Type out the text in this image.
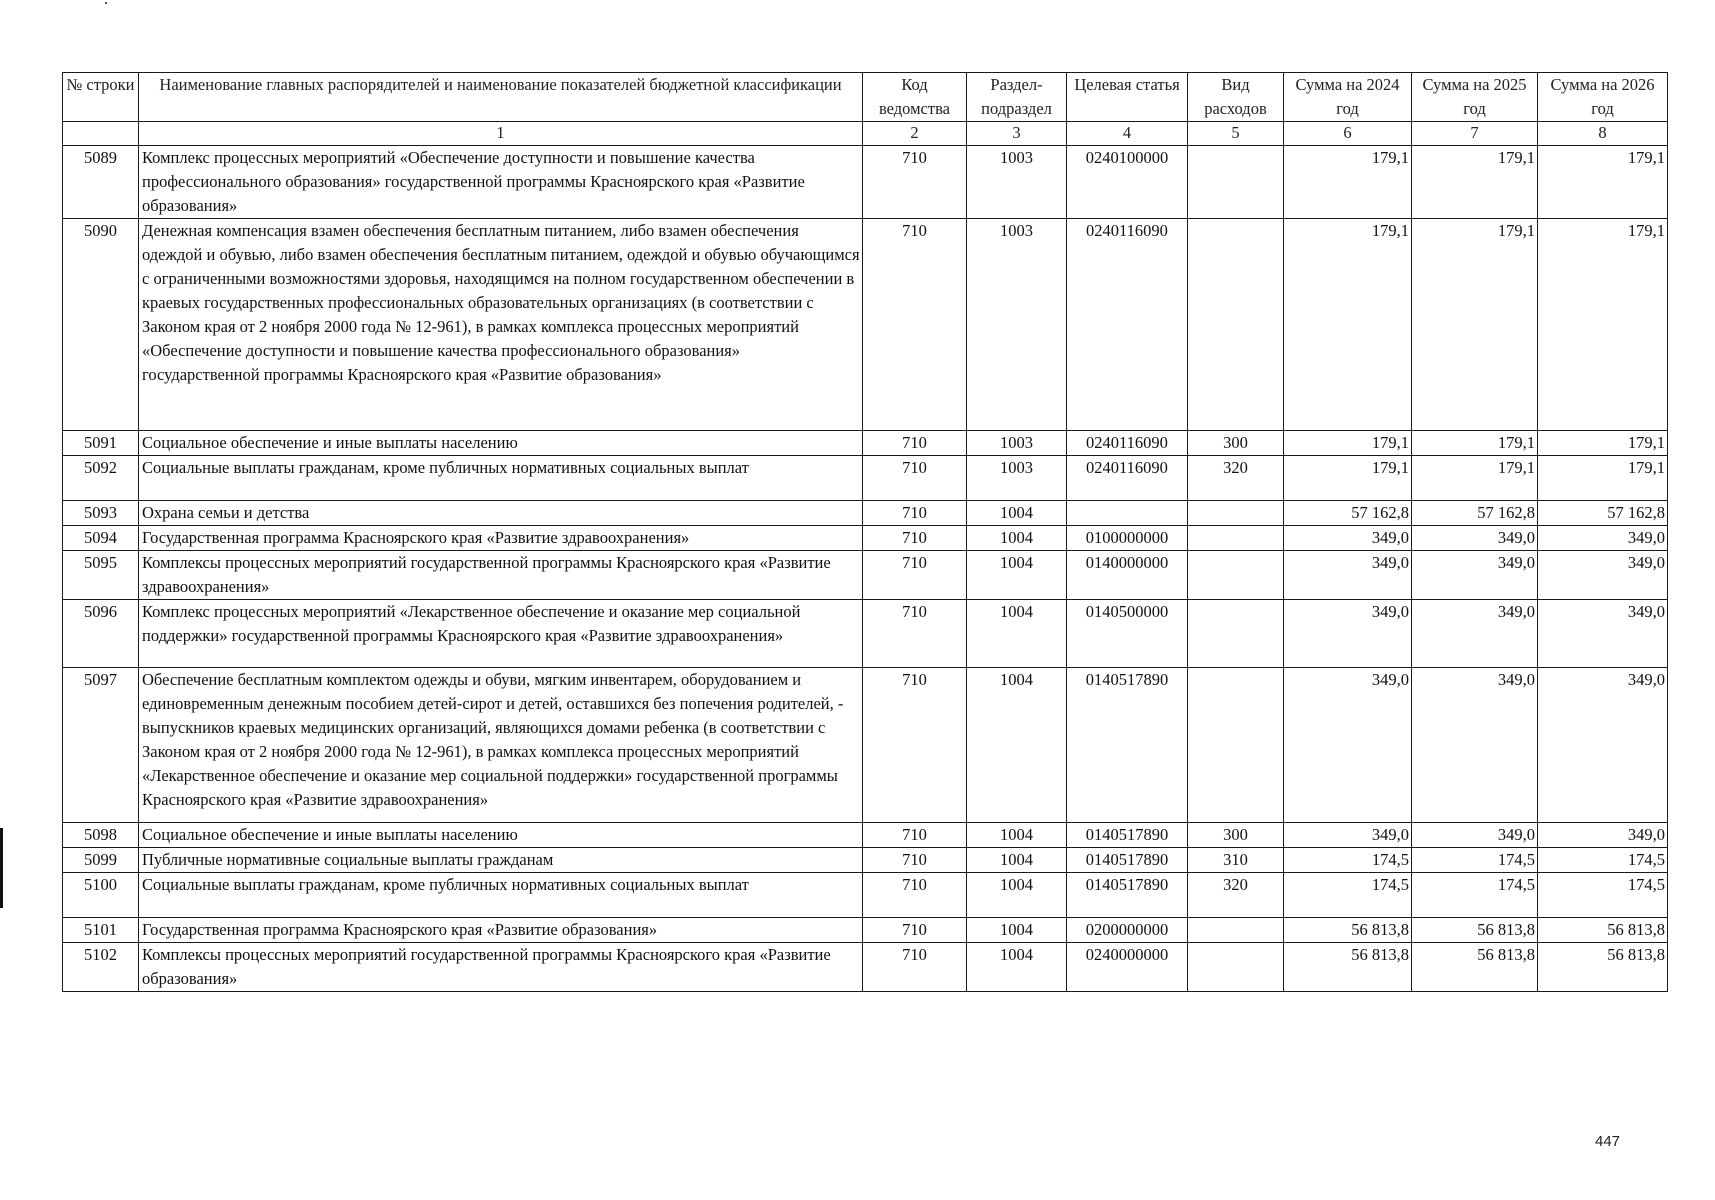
№ строки	Наименование главных распорядителей и наименование показателей бюджетной классификации	Код ведомства	Раздел-подраздел	Целевая статья	Вид расходов	Сумма на 2024 год	Сумма на 2025 год	Сумма на 2026 год
	1	2	3	4	5	6	7	8
5089	Комплекс процессных мероприятий «Обеспечение доступности и повышение качества профессионального образования» государственной программы Красноярского края «Развитие образования»	710	1003	0240100000		179,1	179,1	179,1
5090	Денежная компенсация взамен обеспечения бесплатным питанием, либо взамен обеспечения одеждой и обувью, либо взамен обеспечения бесплатным питанием, одеждой и обувью обучающимся с ограниченными возможностями здоровья, находящимся на полном государственном обеспечении в краевых государственных профессиональных образовательных организациях (в соответствии с Законом края от 2 ноября 2000 года № 12-961), в рамках комплекса процессных мероприятий «Обеспечение доступности и повышение качества профессионального образования» государственной программы Красноярского края «Развитие образования»	710	1003	0240116090		179,1	179,1	179,1
5091	Социальное обеспечение и иные выплаты населению	710	1003	0240116090	300	179,1	179,1	179,1
5092	Социальные выплаты гражданам, кроме публичных нормативных социальных выплат	710	1003	0240116090	320	179,1	179,1	179,1
5093	Охрана семьи и детства	710	1004			57 162,8	57 162,8	57 162,8
5094	Государственная программа Красноярского края «Развитие здравоохранения»	710	1004	0100000000		349,0	349,0	349,0
5095	Комплексы процессных мероприятий государственной программы Красноярского края «Развитие здравоохранения»	710	1004	0140000000		349,0	349,0	349,0
5096	Комплекс процессных мероприятий «Лекарственное обеспечение и оказание мер социальной поддержки» государственной программы Красноярского края «Развитие здравоохранения»	710	1004	0140500000		349,0	349,0	349,0
5097	Обеспечение бесплатным комплектом одежды и обуви, мягким инвентарем, оборудованием и единовременным денежным пособием детей-сирот и детей, оставшихся без попечения родителей, - выпускников краевых медицинских организаций, являющихся домами ребенка (в соответствии с Законом края от 2 ноября 2000 года № 12-961), в рамках комплекса процессных мероприятий «Лекарственное обеспечение и оказание мер социальной поддержки» государственной программы Красноярского края «Развитие здравоохранения»	710	1004	0140517890		349,0	349,0	349,0
5098	Социальное обеспечение и иные выплаты населению	710	1004	0140517890	300	349,0	349,0	349,0
5099	Публичные нормативные социальные выплаты гражданам	710	1004	0140517890	310	174,5	174,5	174,5
5100	Социальные выплаты гражданам, кроме публичных нормативных социальных выплат	710	1004	0140517890	320	174,5	174,5	174,5
5101	Государственная программа Красноярского края «Развитие образования»	710	1004	0200000000		56 813,8	56 813,8	56 813,8
5102	Комплексы процессных мероприятий государственной программы Красноярского края «Развитие образования»	710	1004	0240000000		56 813,8	56 813,8	56 813,8
447
